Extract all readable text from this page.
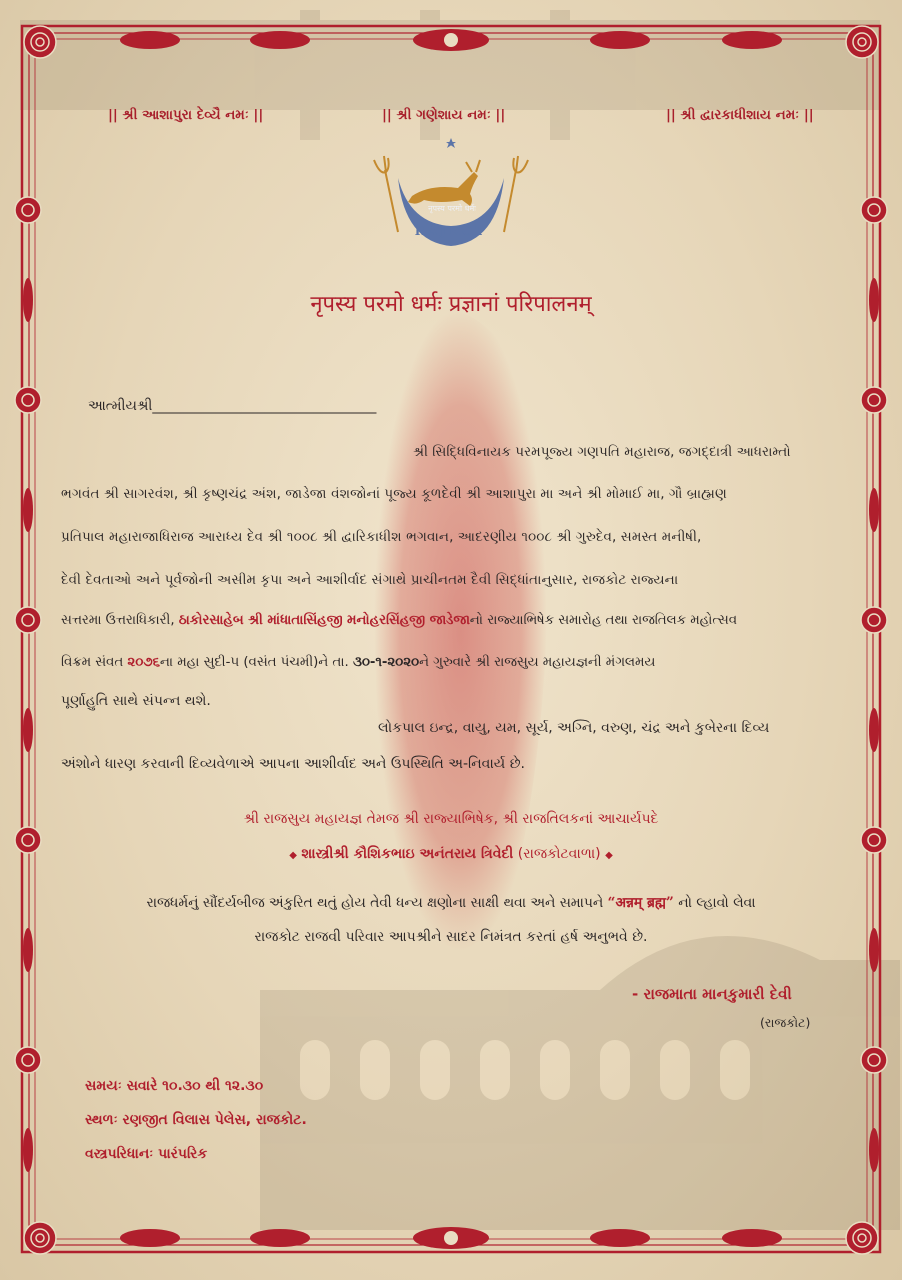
|| શ્રી આશાપુરા દેવ્યૈ નમઃ ||	|| શ્રી ગણેશાય નમઃ ||	|| શ્રી દ્વારકાધીશાય નમઃ ||
नृपस्य परमो धर्मः
RAJKOT
नृपस्य परमो धर्मः प्रज्ञानां परिपालनम्
આત્મીયશ્રી________________________________
શ્રી સિદ્ધિવિનાયક પરમપૂજ્ય ગણપતિ મહારાજ, જગદ્દાત્રી આધરામ્તો
ભગવંત શ્રી સાગરવંશ, શ્રી કૃષ્ણચંદ્ર અંશ, જાડેજા વંશજોનાં પૂજ્ય કૂળદેવી શ્રી આશાપુરા મા અને શ્રી મોમાઈ મા, ગૌ બ્રાહ્મણ
પ્રતિપાલ મહારાજાધિરાજ આરાધ્ય દેવ શ્રી ૧૦૦૮ શ્રી દ્વારિકાધીશ ભગવાન, આદરણીય ૧૦૦૮ શ્રી ગુરુદેવ, સમસ્ત મનીષી,
દેવી દેવતાઓ અને પૂર્વજોની અસીમ કૃપા અને આશીર્વાદ સંગાથે પ્રાચીનતમ દૈવી સિદ્ધાંતાનુસાર, રાજકોટ રાજ્યના
સત્તરમા ઉત્તરાધિકારી, ઠાકોરસાહેબ શ્રી માંધાતાસિંહજી મનોહરસિંહજી જાડેજાનો રાજ્યાભિષેક સમારોહ તથા રાજતિલક મહોત્સવ
વિક્રમ સંવત ૨૦૭૬ના મહા સુદી-૫ (વસંત પંચમી)ને તા. ૩૦-૧-૨૦૨૦ને ગુરુવારે શ્રી રાજસુય મહાયજ્ઞની મંગલમય
પૂર્ણાહુતિ સાથે સંપન્ન થશે.
લોકપાલ ઇન્દ્ર, વાયુ, યમ, સૂર્ય, અગ્નિ, વરુણ, ચંદ્ર અને કુબેરના દિવ્ય
અંશોને ધારણ કરવાની દિવ્યવેળાએ આપના આશીર્વાદ અને ઉપસ્થિતિ અ-નિવાર્ય છે.
શ્રી રાજસુય મહાયજ્ઞ તેમજ શ્રી રાજ્યાભિષેક, શ્રી રાજતિલકનાં આચાર્યપદે
◆ શાસ્ત્રીશ્રી કૌશિકભાઇ અનંતરાય ત્રિવેદી (રાજકોટવાળા) ◆
રાજધર્મનું સૌંદર્યબીજ અંકુરિત થતું હોય તેવી ધન્ય ક્ષણોના સાક્ષી થવા અને સમાપને “अन्नम् ब्रह्म” નો લ્હાવો લેવા
રાજકોટ રાજવી પરિવાર આપશ્રીને સાદર નિમંત્રત કરતાં હર્ષ અનુભવે છે.
- રાજમાતા માનકુમારી દેવી
(રાજકોટ)
સમયઃ સવારે ૧૦.૩૦ થી ૧૨.૩૦
સ્થળઃ રણજીત વિલાસ પેલેસ, રાજકોટ.
વસ્ત્રપરિધાનઃ પારંપરિક
